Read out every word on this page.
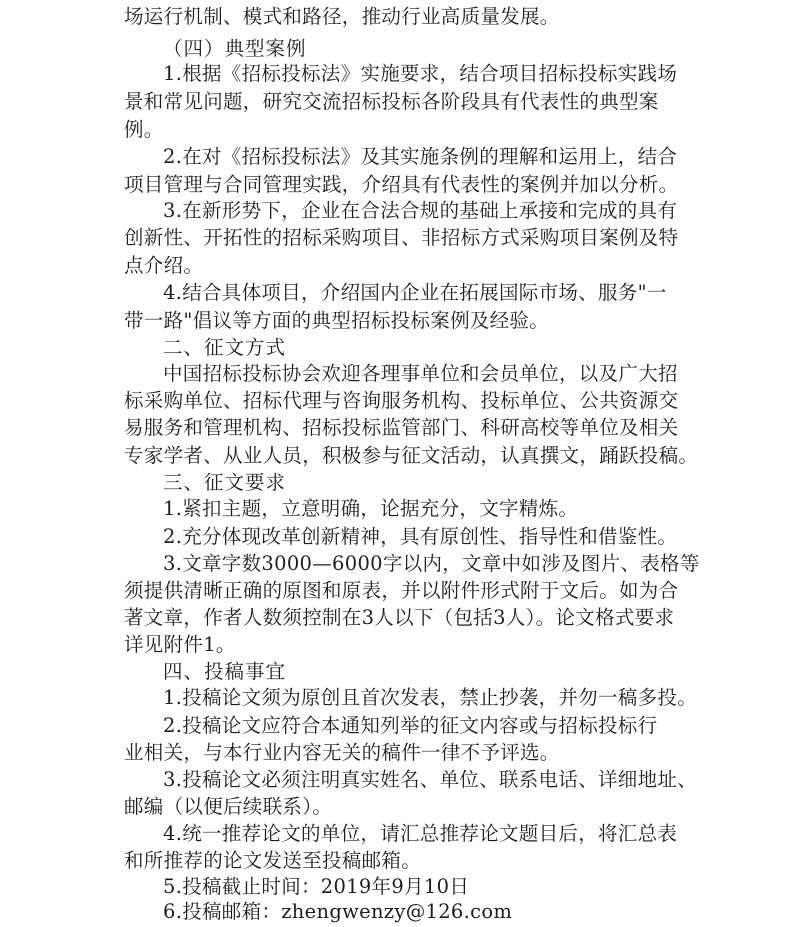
场运行机制、模式和路径，推动行业高质量发展。
（四）典型案例
1.根据《招标投标法》实施要求，结合项目招标投标实践场
景和常见问题，研究交流招标投标各阶段具有代表性的典型案
例。
2.在对《招标投标法》及其实施条例的理解和运用上，结合
项目管理与合同管理实践，介绍具有代表性的案例并加以分析。
3.在新形势下，企业在合法合规的基础上承接和完成的具有
创新性、开拓性的招标采购项目、非招标方式采购项目案例及特
点介绍。
4.结合具体项目，介绍国内企业在拓展国际市场、服务"一
带一路"倡议等方面的典型招标投标案例及经验。
二、征文方式
中国招标投标协会欢迎各理事单位和会员单位，以及广大招
标采购单位、招标代理与咨询服务机构、投标单位、公共资源交
易服务和管理机构、招标投标监管部门、科研高校等单位及相关
专家学者、从业人员，积极参与征文活动，认真撰文，踊跃投稿。
三、征文要求
1.紧扣主题，立意明确，论据充分，文字精炼。
2.充分体现改革创新精神，具有原创性、指导性和借鉴性。
3.文章字数3000—6000字以内，文章中如涉及图片、表格等
须提供清晰正确的原图和原表，并以附件形式附于文后。如为合
著文章，作者人数须控制在3人以下（包括3人）。论文格式要求
详见附件1。
四、投稿事宜
1.投稿论文须为原创且首次发表，禁止抄袭，并勿一稿多投。
2.投稿论文应符合本通知列举的征文内容或与招标投标行
业相关，与本行业内容无关的稿件一律不予评选。
3.投稿论文必须注明真实姓名、单位、联系电话、详细地址、
邮编（以便后续联系）。
4.统一推荐论文的单位，请汇总推荐论文题目后，将汇总表
和所推荐的论文发送至投稿邮箱。
5.投稿截止时间：2019年9月10日
6.投稿邮箱：zhengwenzy@126.com
